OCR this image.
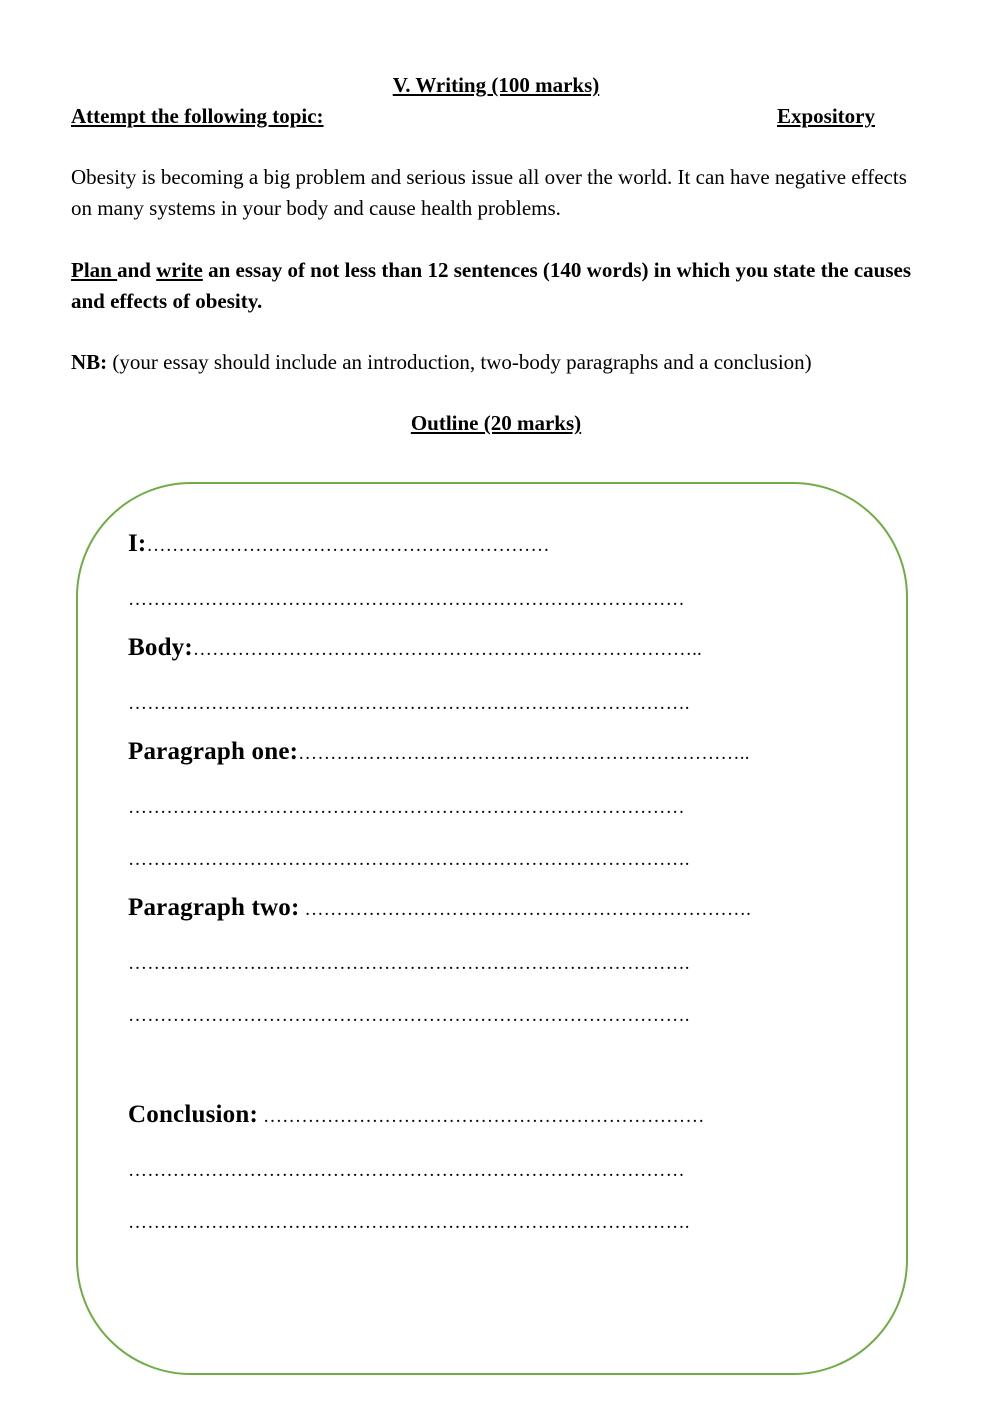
V. Writing (100 marks)
Attempt the following topic:	Expository
Obesity is becoming a big problem and serious issue all over the world. It can have negative effects on many systems in your body and cause health problems.
Plan and write an essay of not less than 12 sentences (140 words) in which you state the causes and effects of obesity.
NB: (your essay should include an introduction, two-body paragraphs and a conclusion)
Outline (20 marks)
I:………………………………………………………
……………………………………………………………………………
Body:……………………………………………………………………..
…………………………………………………………………………….
Paragraph one:……………………………………………………………..
……………………………………………………………………………
…………………………………………………………………………….
Paragraph two: …………………………………………………………….
…………………………………………………………………………….
…………………………………………………………………………….
Conclusion: ……………………………………………………………
……………………………………………………………………………
…………………………………………………………………………….
